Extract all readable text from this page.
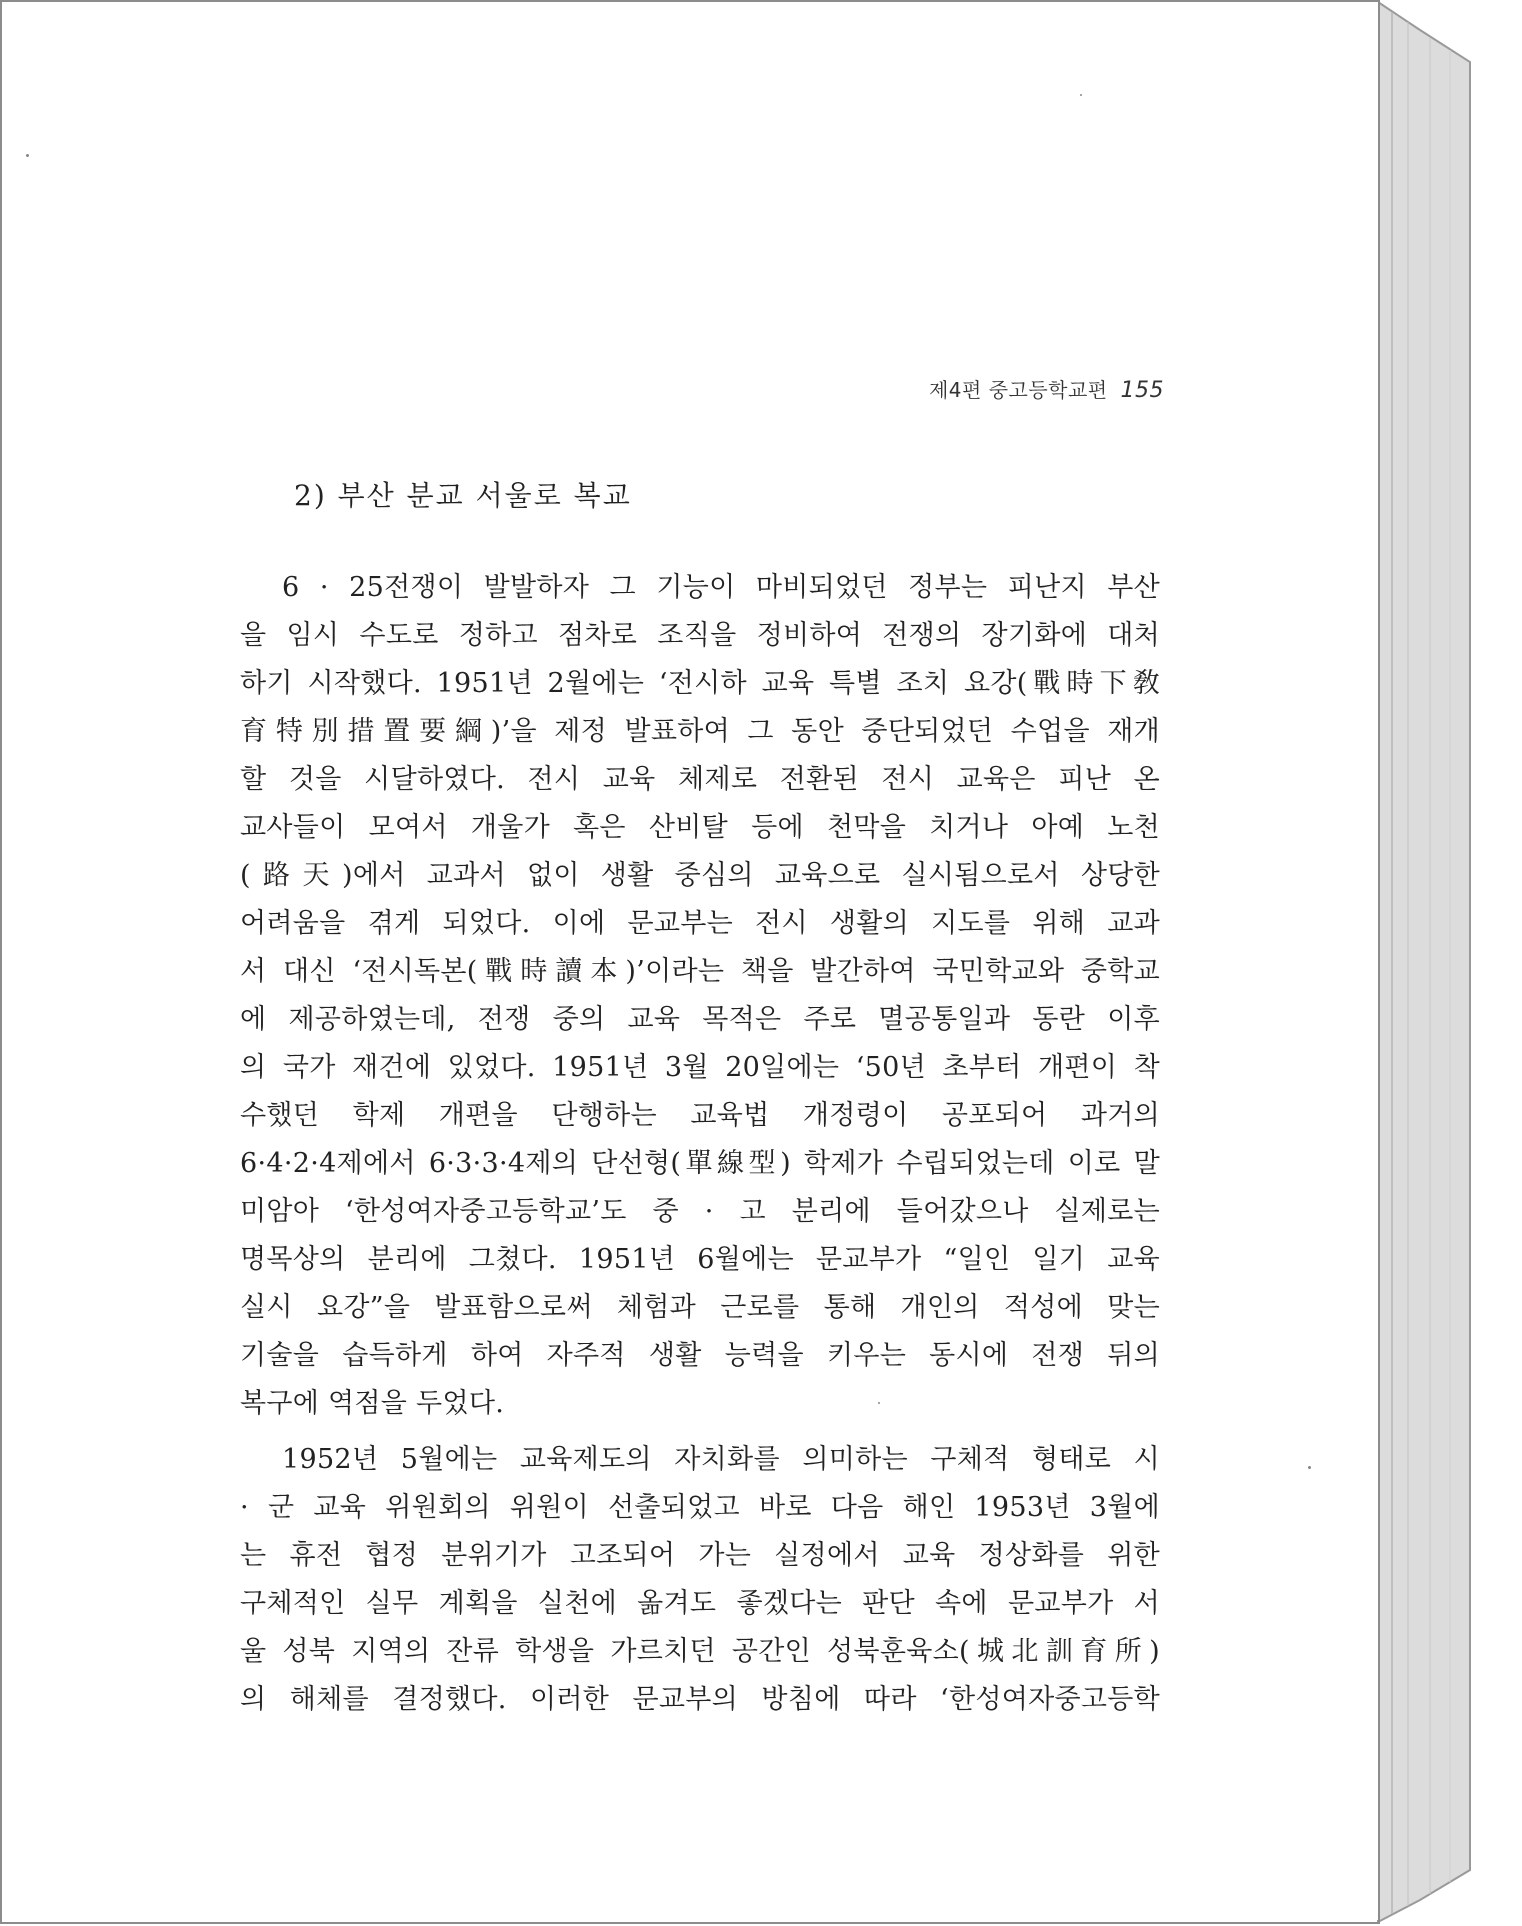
제4편 중고등학교편 155
2) 부산 분교 서울로 복교
6 · 25전쟁이 발발하자 그 기능이 마비되었던 정부는 피난지 부산
을 임시 수도로 정하고 점차로 조직을 정비하여 전쟁의 장기화에 대처
하기 시작했다. 1951년 2월에는 ‘전시하 교육 특별 조치 요강(戰時下敎
育特別措置要綱)’을 제정 발표하여 그 동안 중단되었던 수업을 재개
할 것을 시달하였다. 전시 교육 체제로 전환된 전시 교육은 피난 온
교사들이 모여서 개울가 혹은 산비탈 등에 천막을 치거나 아예 노천
(路天)에서 교과서 없이 생활 중심의 교육으로 실시됨으로서 상당한
어려움을 겪게 되었다. 이에 문교부는 전시 생활의 지도를 위해 교과
서 대신 ‘전시독본(戰時讀本)’이라는 책을 발간하여 국민학교와 중학교
에 제공하였는데, 전쟁 중의 교육 목적은 주로 멸공통일과 동란 이후
의 국가 재건에 있었다. 1951년 3월 20일에는 ‘50년 초부터 개편이 착
수했던 학제 개편을 단행하는 교육법 개정령이 공포되어 과거의
6·4·2·4제에서 6·3·3·4제의 단선형(單線型) 학제가 수립되었는데 이로 말
미암아 ‘한성여자중고등학교’도 중 · 고 분리에 들어갔으나 실제로는
명목상의 분리에 그쳤다. 1951년 6월에는 문교부가 “일인 일기 교육
실시 요강”을 발표함으로써 체험과 근로를 통해 개인의 적성에 맞는
기술을 습득하게 하여 자주적 생활 능력을 키우는 동시에 전쟁 뒤의
복구에 역점을 두었다.
1952년 5월에는 교육제도의 자치화를 의미하는 구체적 형태로 시
· 군 교육 위원회의 위원이 선출되었고 바로 다음 해인 1953년 3월에
는 휴전 협정 분위기가 고조되어 가는 실정에서 교육 정상화를 위한
구체적인 실무 계획을 실천에 옮겨도 좋겠다는 판단 속에 문교부가 서
울 성북 지역의 잔류 학생을 가르치던 공간인 성북훈육소(城北訓育所)
의 해체를 결정했다. 이러한 문교부의 방침에 따라 ‘한성여자중고등학
